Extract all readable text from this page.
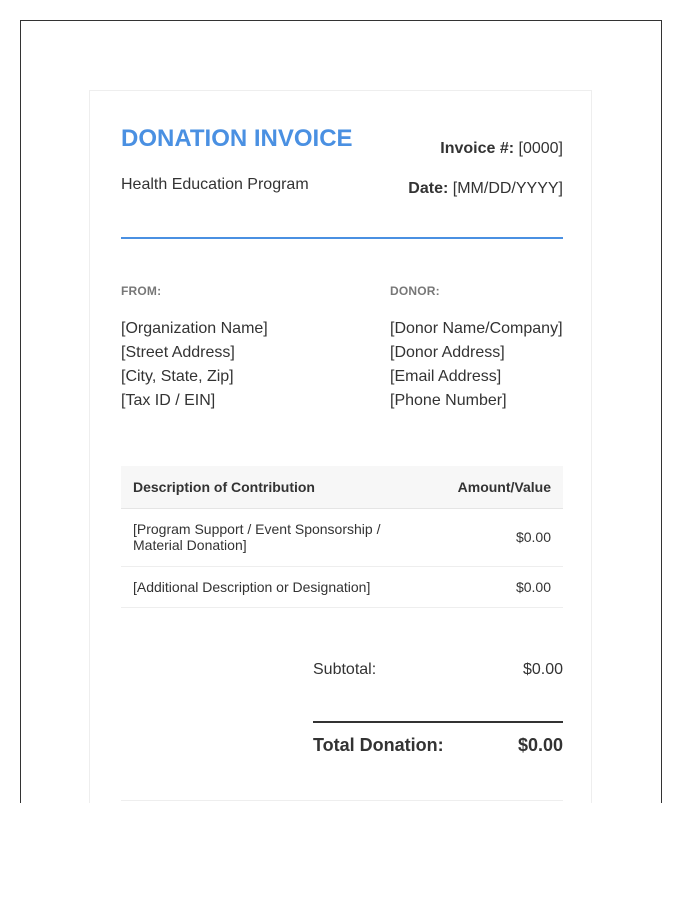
DONATION INVOICE
Health Education Program
Invoice #: [0000]
Date: [MM/DD/YYYY]
FROM:
[Organization Name]
[Street Address]
[City, State, Zip]
[Tax ID / EIN]
DONOR:
[Donor Name/Company]
[Donor Address]
[Email Address]
[Phone Number]
Description of Contribution	Amount/Value
[Program Support / Event Sponsorship / Material Donation]	$0.00
[Additional Description or Designation]	$0.00
Subtotal:	$0.00
Total Donation:	$0.00
